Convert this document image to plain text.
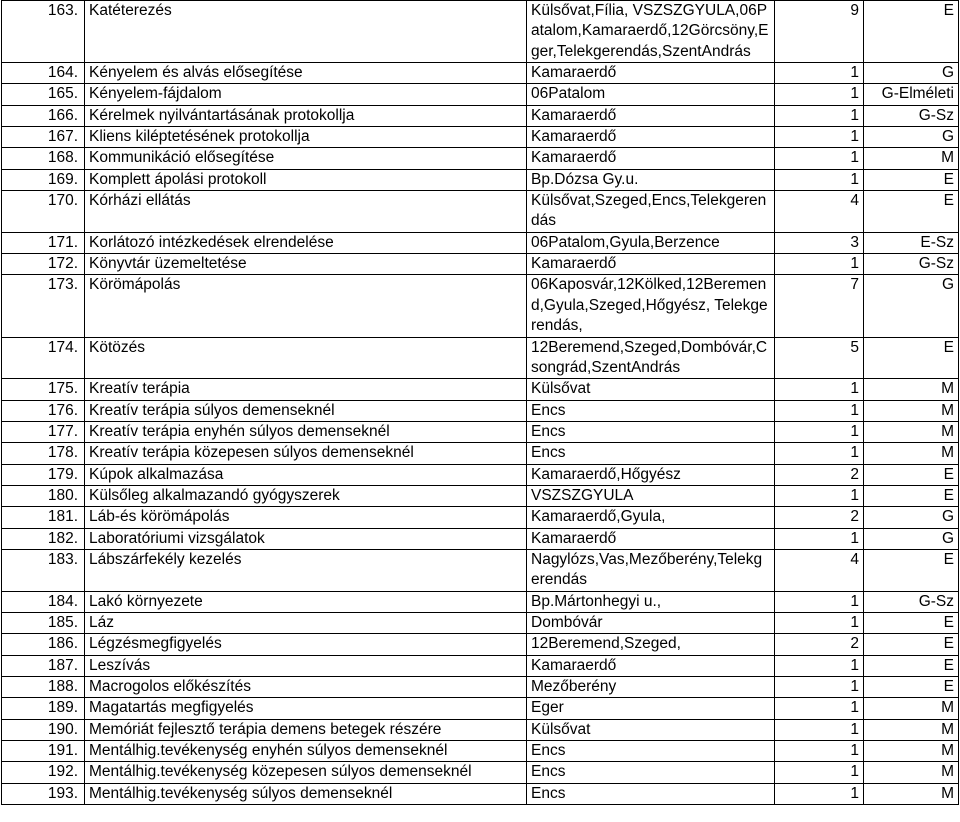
163.	Katéterezés	Külsővat,Fília, VSZSZGYULA,06Patalom,Kamaraerdő,12Görcsöny,Eger,Telekgerendás,SzentAndrás	9	E
164.	Kényelem és alvás elősegítése	Kamaraerdő	1	G
165.	Kényelem-fájdalom	06Patalom	1	G-Elméleti
166.	Kérelmek nyilvántartásának protokollja	Kamaraerdő	1	G-Sz
167.	Kliens kiléptetésének protokollja	Kamaraerdő	1	G
168.	Kommunikáció elősegítése	Kamaraerdő	1	M
169.	Komplett ápolási protokoll	Bp.Dózsa Gy.u.	1	E
170.	Kórházi ellátás	Külsővat,Szeged,Encs,Telekgerendás	4	E
171.	Korlátozó intézkedések elrendelése	06Patalom,Gyula,Berzence	3	E-Sz
172.	Könyvtár üzemeltetése	Kamaraerdő	1	G-Sz
173.	Körömápolás	06Kaposvár,12Kölked,12Beremend,Gyula,Szeged,Hőgyész, Telekgerendás,	7	G
174.	Kötözés	12Beremend,Szeged,Dombóvár,Csongrád,SzentAndrás	5	E
175.	Kreatív terápia	Külsővat	1	M
176.	Kreatív terápia súlyos demenseknél	Encs	1	M
177.	Kreatív terápia enyhén súlyos demenseknél	Encs	1	M
178.	Kreatív terápia közepesen súlyos demenseknél	Encs	1	M
179.	Kúpok alkalmazása	Kamaraerdő,Hőgyész	2	E
180.	Külsőleg alkalmazandó gyógyszerek	VSZSZGYULA	1	E
181.	Láb-és körömápolás	Kamaraerdő,Gyula,	2	G
182.	Laboratóriumi vizsgálatok	Kamaraerdő	1	G
183.	Lábszárfekély kezelés	Nagylózs,Vas,Mezőberény,Telekgerendás	4	E
184.	Lakó környezete	Bp.Mártonhegyi u.,	1	G-Sz
185.	Láz	Dombóvár	1	E
186.	Légzésmegfigyelés	12Beremend,Szeged,	2	E
187.	Leszívás	Kamaraerdő	1	E
188.	Macrogolos előkészítés	Mezőberény	1	E
189.	Magatartás megfigyelés	Eger	1	M
190.	Memóriát fejlesztő terápia demens betegek részére	Külsővat	1	M
191.	Mentálhig.tevékenység enyhén súlyos demenseknél	Encs	1	M
192.	Mentálhig.tevékenység közepesen súlyos demenseknél	Encs	1	M
193.	Mentálhig.tevékenység súlyos demenseknél	Encs	1	M
